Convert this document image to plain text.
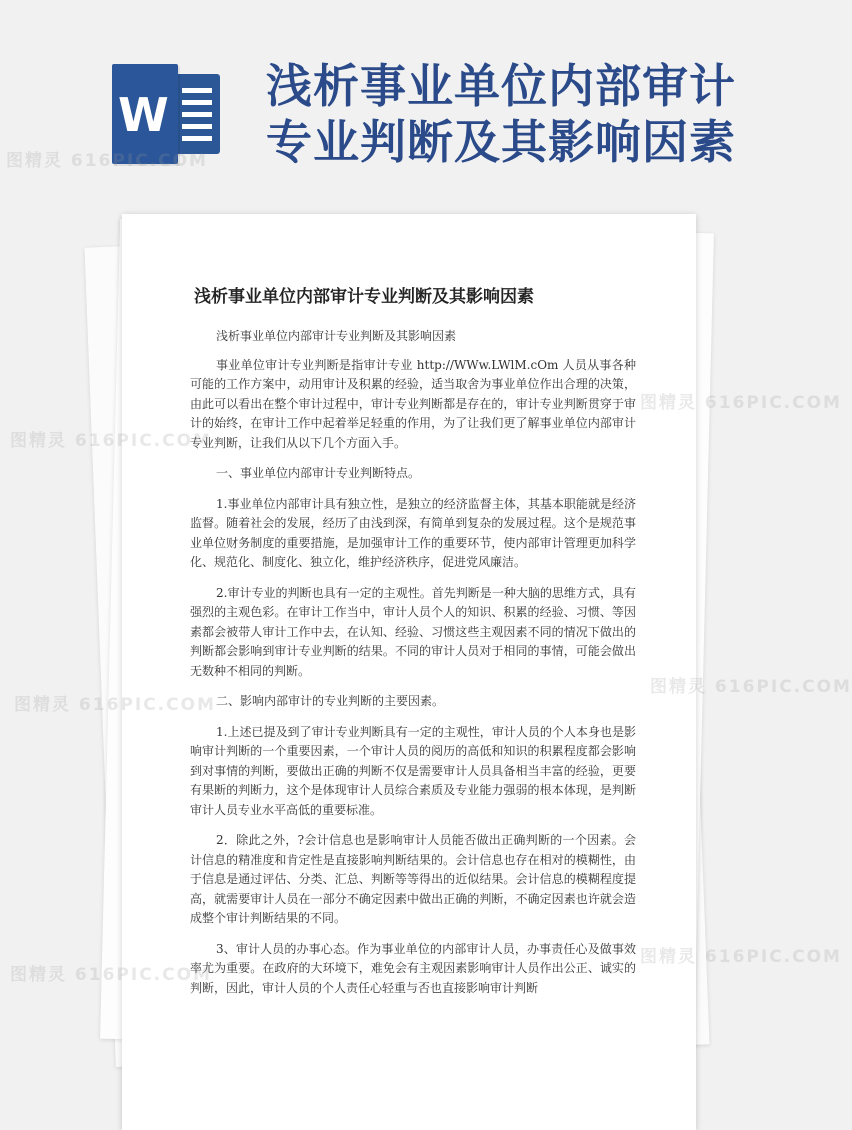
W
浅析事业单位内部审计
专业判断及其影响因素
浅析事业单位内部审计专业判断及其影响因素

浅析事业单位内部审计专业判断及其影响因素

事业单位审计专业判断是指审计专业 http://WWw.LWlM.cOm 人员从事各种可能的工作方案中，动用审计及积累的经验，适当取舍为事业单位作出合理的决策，由此可以看出在整个审计过程中，审计专业判断都是存在的，审计专业判断贯穿于审计的始终，在审计工作中起着举足轻重的作用，为了让我们更了解事业单位内部审计专业判断，让我们从以下几个方面入手。

一、事业单位内部审计专业判断特点。

1.事业单位内部审计具有独立性，是独立的经济监督主体，其基本职能就是经济监督。随着社会的发展，经历了由浅到深，有简单到复杂的发展过程。这个是规范事业单位财务制度的重要措施，是加强审计工作的重要环节，使内部审计管理更加科学化、规范化、制度化、独立化，维护经济秩序，促进党风廉洁。

2.审计专业的判断也具有一定的主观性。首先判断是一种大脑的思维方式，具有强烈的主观色彩。在审计工作当中，审计人员个人的知识、积累的经验、习惯、等因素都会被带人审计工作中去，在认知、经验、习惯这些主观因素不同的情况下做出的判断都会影响到审计专业判断的结果。不同的审计人员对于相同的事情，可能会做出无数种不相同的判断。

二、影响内部审计的专业判断的主要因素。

1.上述已提及到了审计专业判断具有一定的主观性，审计人员的个人本身也是影响审计判断的一个重要因素，一个审计人员的阅历的高低和知识的积累程度都会影响到对事情的判断，要做出正确的判断不仅是需要审计人员具备相当丰富的经验，更要有果断的判断力，这个是体现审计人员综合素质及专业能力强弱的根本体现，是判断审计人员专业水平高低的重要标准。

2．除此之外，?会计信息也是影响审计人员能否做出正确判断的一个因素。会计信息的精准度和肯定性是直接影响判断结果的。会计信息也存在相对的模糊性，由于信息是通过评估、分类、汇总、判断等等得出的近似结果。会计信息的模糊程度提高，就需要审计人员在一部分不确定因素中做出正确的判断，不确定因素也许就会造成整个审计判断结果的不同。

3、审计人员的办事心态。作为事业单位的内部审计人员，办事责任心及做事效率尤为重要。在政府的大环境下，难免会有主观因素影响审计人员作出公正、诚实的判断，因此，审计人员的个人责任心轻重与否也直接影响审计判断

图精灵 616PIC.COM
图精灵 616PIC.COM
图精灵 616PIC.COM
图精灵 616PIC.COM
图精灵 616PIC.COM
图精灵 616PIC.COM
图精灵 616PIC.COM
